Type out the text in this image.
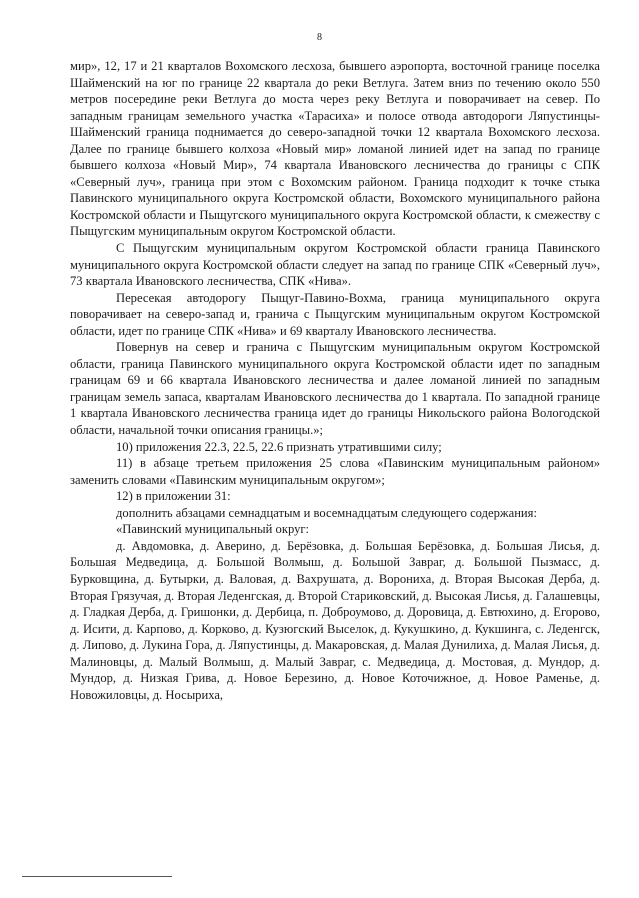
8

мир», 12, 17 и 21 кварталов Вохомского лесхоза, бывшего аэропорта, восточной границе поселка Шайменский на юг по границе 22 квартала до реки Ветлуга. Затем вниз по течению около 550 метров посередине реки Ветлуга до моста через реку Ветлуга и поворачивает на север. По западным границам земельного участка «Тарасиха» и полосе отвода автодороги Ляпустинцы-Шайменский граница поднимается до северо-западной точки 12 квартала Вохомского лесхоза. Далее по границе бывшего колхоза «Новый мир» ломаной линией идет на запад по границе бывшего колхоза «Новый Мир», 74 квартала Ивановского лесничества до границы с СПК «Северный луч», граница при этом с Вохомским районом. Граница подходит к точке стыка Павинского муниципального округа Костромской области, Вохомского муниципального района Костромской области и Пыщугского муниципального округа Костромской области, к смежеству с Пыщугским муниципальным округом Костромской области.

С Пыщугским муниципальным округом Костромской области граница Павинского муниципального округа Костромской области следует на запад по границе СПК «Северный луч», 73 квартала Ивановского лесничества, СПК «Нива».

Пересекая автодорогу Пыщуг-Павино-Вохма, граница муниципального округа поворачивает на северо-запад и, гранича с Пыщугским муниципальным округом Костромской области, идет по границе СПК «Нива» и 69 кварталу Ивановского лесничества.

Повернув на север и гранича с Пыщугским муниципальным округом Костромской области, граница Павинского муниципального округа Костромской области идет по западным границам 69 и 66 квартала Ивановского лесничества и далее ломаной линией по западным границам земель запаса, кварталам Ивановского лесничества до 1 квартала. По западной границе 1 квартала Ивановского лесничества граница идет до границы Никольского района Вологодской области, начальной точки описания границы.»;

10) приложения 22.3, 22.5, 22.6 признать утратившими силу;

11) в абзаце третьем приложения 25 слова «Павинским муниципальным районом» заменить словами «Павинским муниципальным округом»;

12) в приложении 31:

дополнить абзацами семнадцатым и восемнадцатым следующего содержания:

«Павинский муниципальный округ:

д. Авдомовка, д. Аверино, д. Берёзовка, д. Большая Берёзовка, д. Большая Лисья, д. Большая Медведица, д. Большой Волмыш, д. Большой Завраг, д. Большой Пызмасс, д. Бурковщина, д. Бутырки, д. Валовая, д. Вахрушата, д. Ворониха, д. Вторая Высокая Дерба, д. Вторая Грязучая, д. Вторая Леденгская, д. Второй Стариковский, д. Высокая Лисья, д. Галашевцы, д. Гладкая Дерба, д. Гришонки, д. Дербица, п. Доброумово, д. Доровица, д. Евтюхино, д. Егорово, д. Исити, д. Карпово, д. Корково, д. Кузюгский Выселок, д. Кукушкино, д. Кукшинга, с. Леденгск, д. Липово, д. Лукина Гора, д. Ляпустинцы, д. Макаровская, д. Малая Дунилиха, д. Малая Лисья, д. Малиновцы, д. Малый Волмыш, д. Малый Завраг, с. Медведица, д. Мостовая, д. Мундор, д. Мундор, д. Низкая Грива, д. Новое Березино, д. Новое Коточижное, д. Новое Раменье, д. Новожиловцы, д. Носыриха,
